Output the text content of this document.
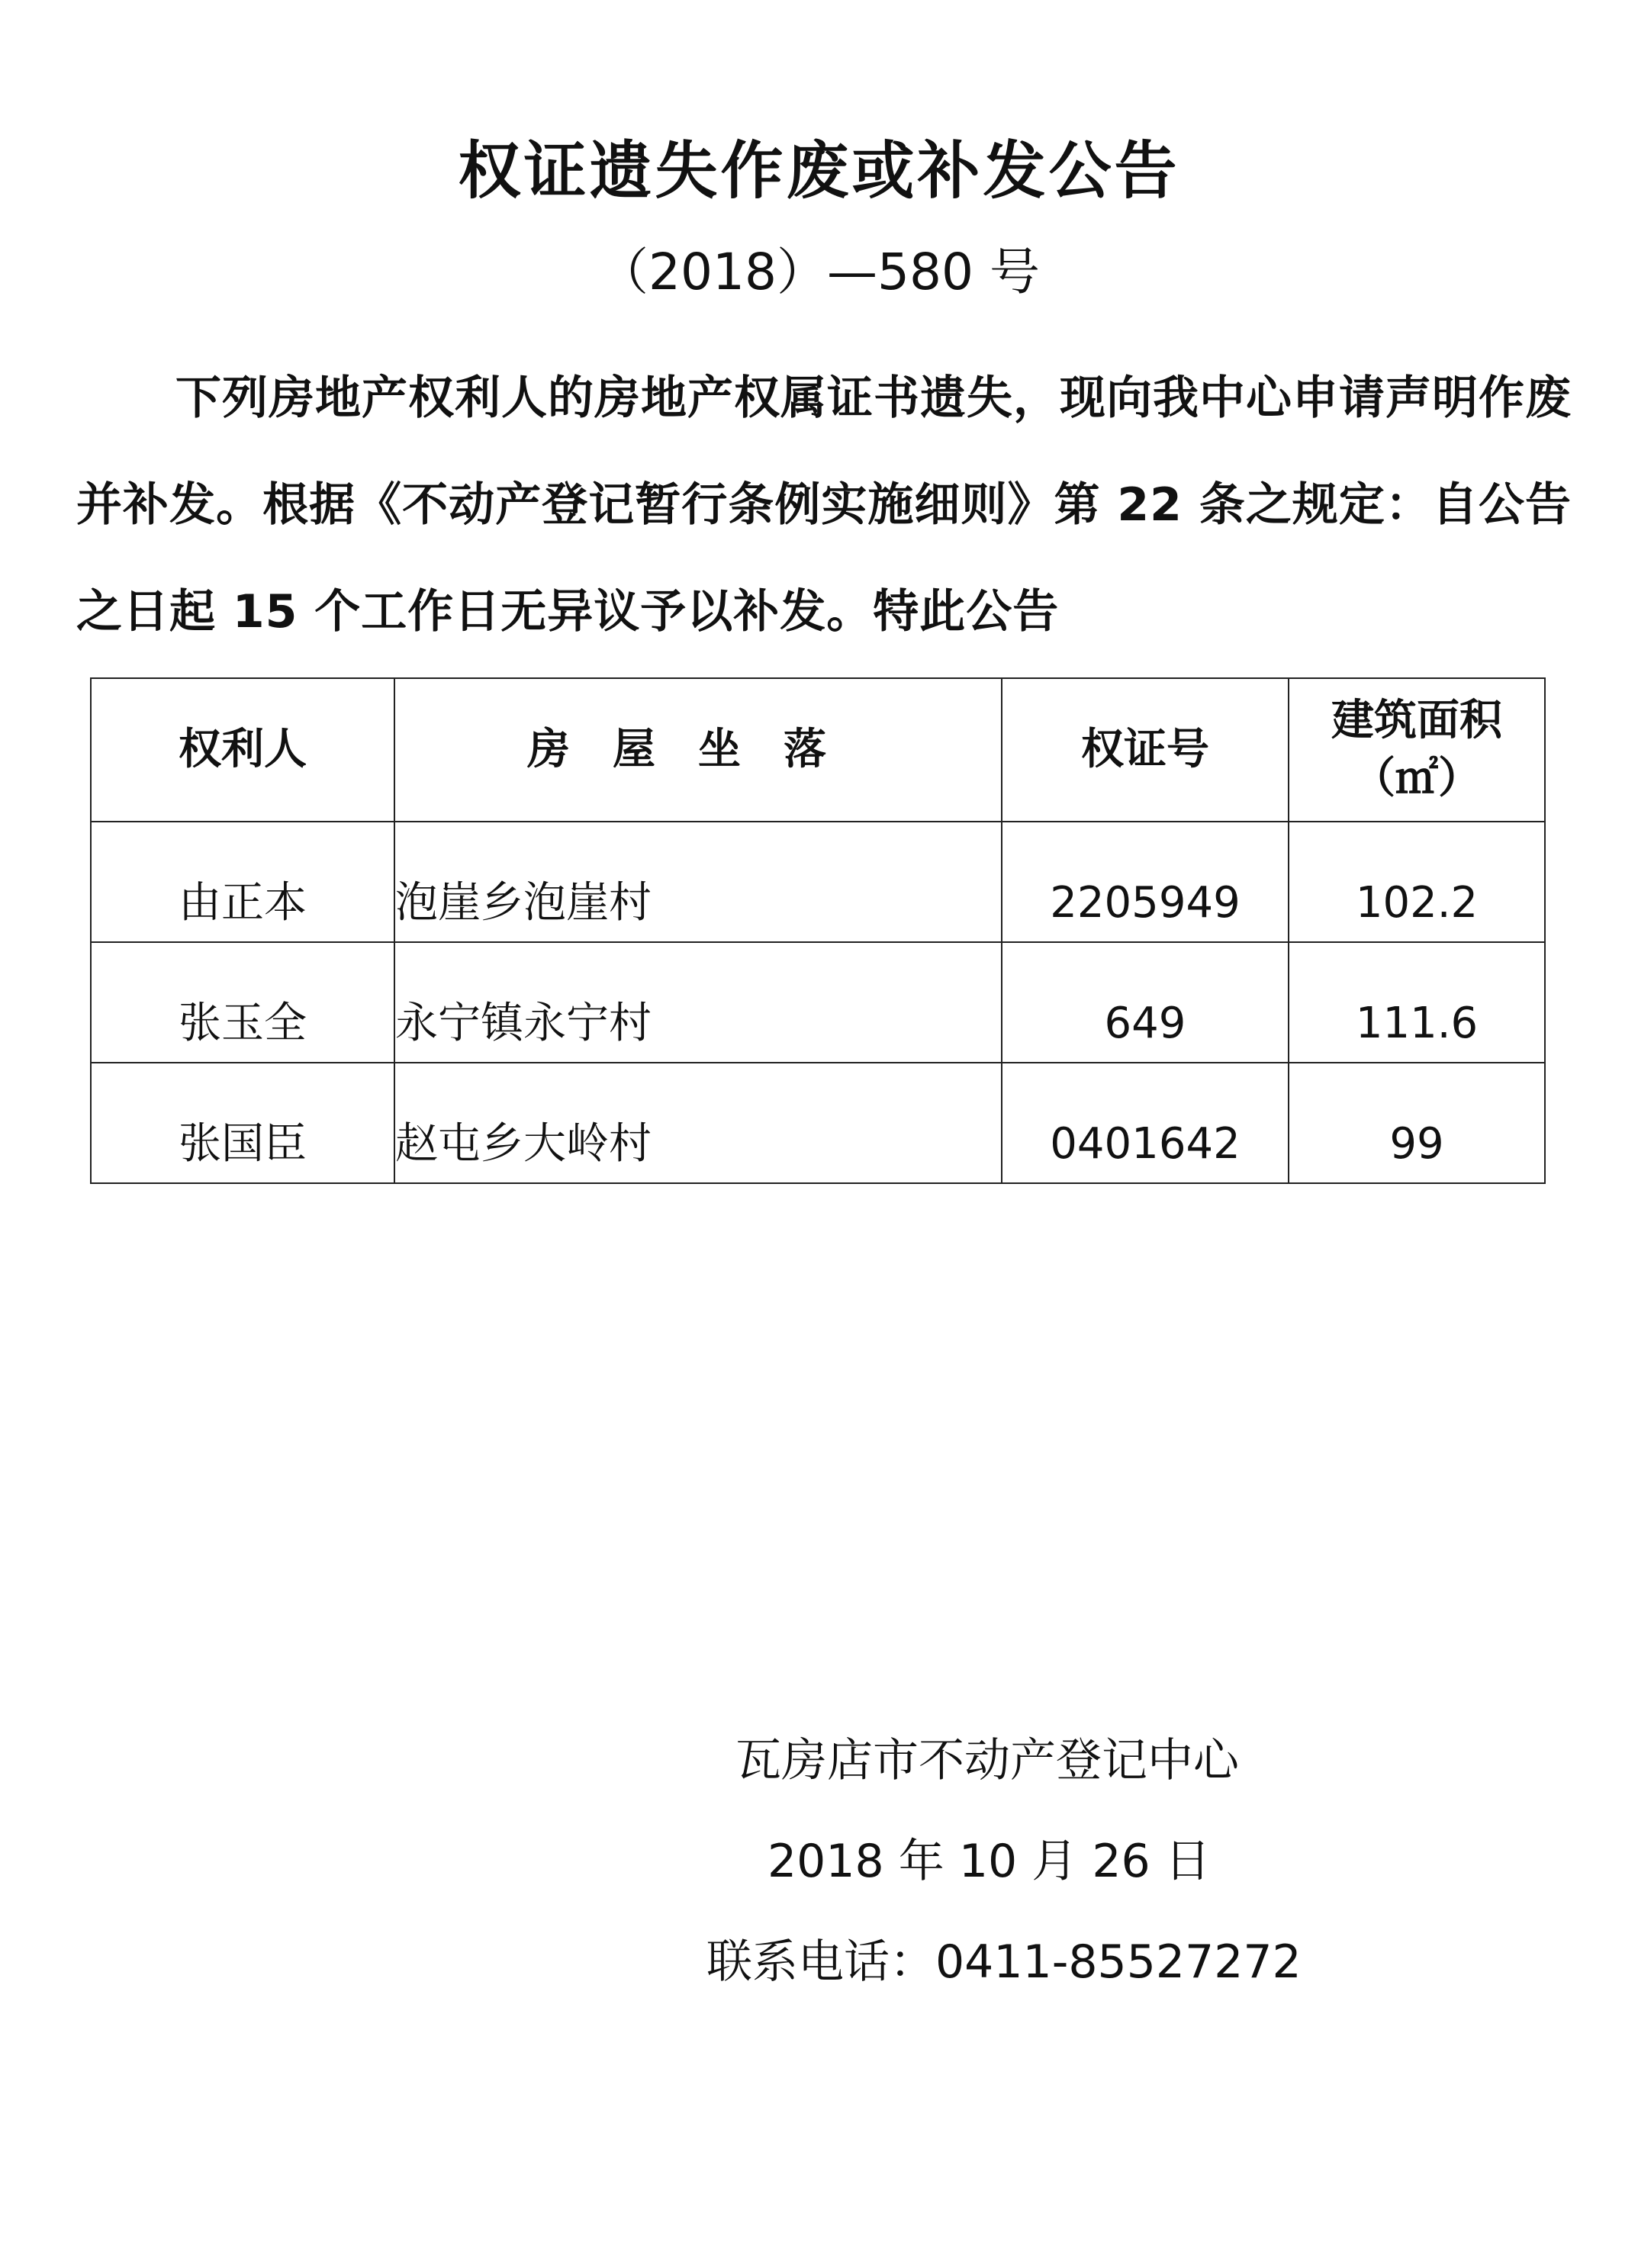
权证遗失作废或补发公告
（2018）—580 号
下列房地产权利人的房地产权属证书遗失，现向我中心申请声明作废并补发。根据《不动产登记暂行条例实施细则》第 22 条之规定：自公告之日起 15 个工作日无异议予以补发。特此公告
权利人	房屋坐落	权证号	建筑面积
（㎡）

由正本	泡崖乡泡崖村	2205949	102.2
张玉全	永宁镇永宁村	649	111.6
张国臣	赵屯乡大岭村	0401642	99
瓦房店市不动产登记中心
2018 年 10 月 26 日
联系电话：0411-85527272
